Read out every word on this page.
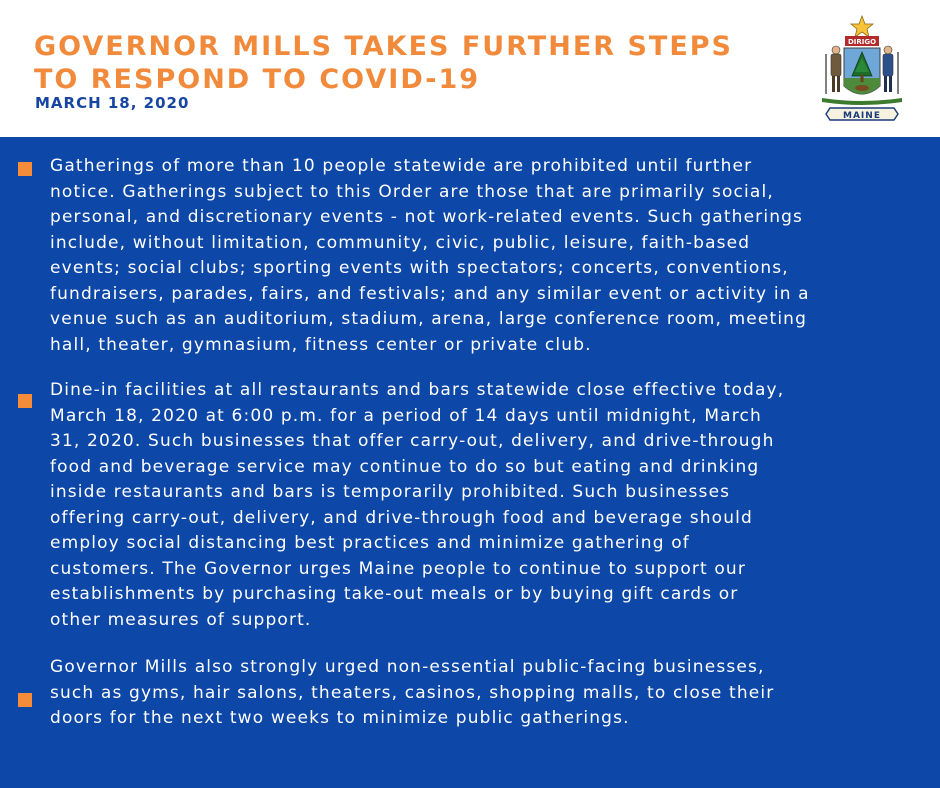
GOVERNOR MILLS TAKES FURTHER STEPS
TO RESPOND TO COVID-19
MARCH 18, 2020
DIRIGO
MAINE

Gatherings of more than 10 people statewide are prohibited until further
notice. Gatherings subject to this Order are those that are primarily social,
personal, and discretionary events - not work-related events. Such gatherings
include, without limitation, community, civic, public, leisure, faith-based
events; social clubs; sporting events with spectators; concerts, conventions,
fundraisers, parades, fairs, and festivals; and any similar event or activity in a
venue such as an auditorium, stadium, arena, large conference room, meeting
hall, theater, gymnasium, fitness center or private club.

Dine-in facilities at all restaurants and bars statewide close effective today,
March 18, 2020 at 6:00 p.m. for a period of 14 days until midnight, March
31, 2020. Such businesses that offer carry-out, delivery, and drive-through
food and beverage service may continue to do so but eating and drinking
inside restaurants and bars is temporarily prohibited. Such businesses
offering carry-out, delivery, and drive-through food and beverage should
employ social distancing best practices and minimize gathering of
customers. The Governor urges Maine people to continue to support our
establishments by purchasing take-out meals or by buying gift cards or
other measures of support.

Governor Mills also strongly urged non-essential public-facing businesses,
such as gyms, hair salons, theaters, casinos, shopping malls, to close their
doors for the next two weeks to minimize public gatherings.
